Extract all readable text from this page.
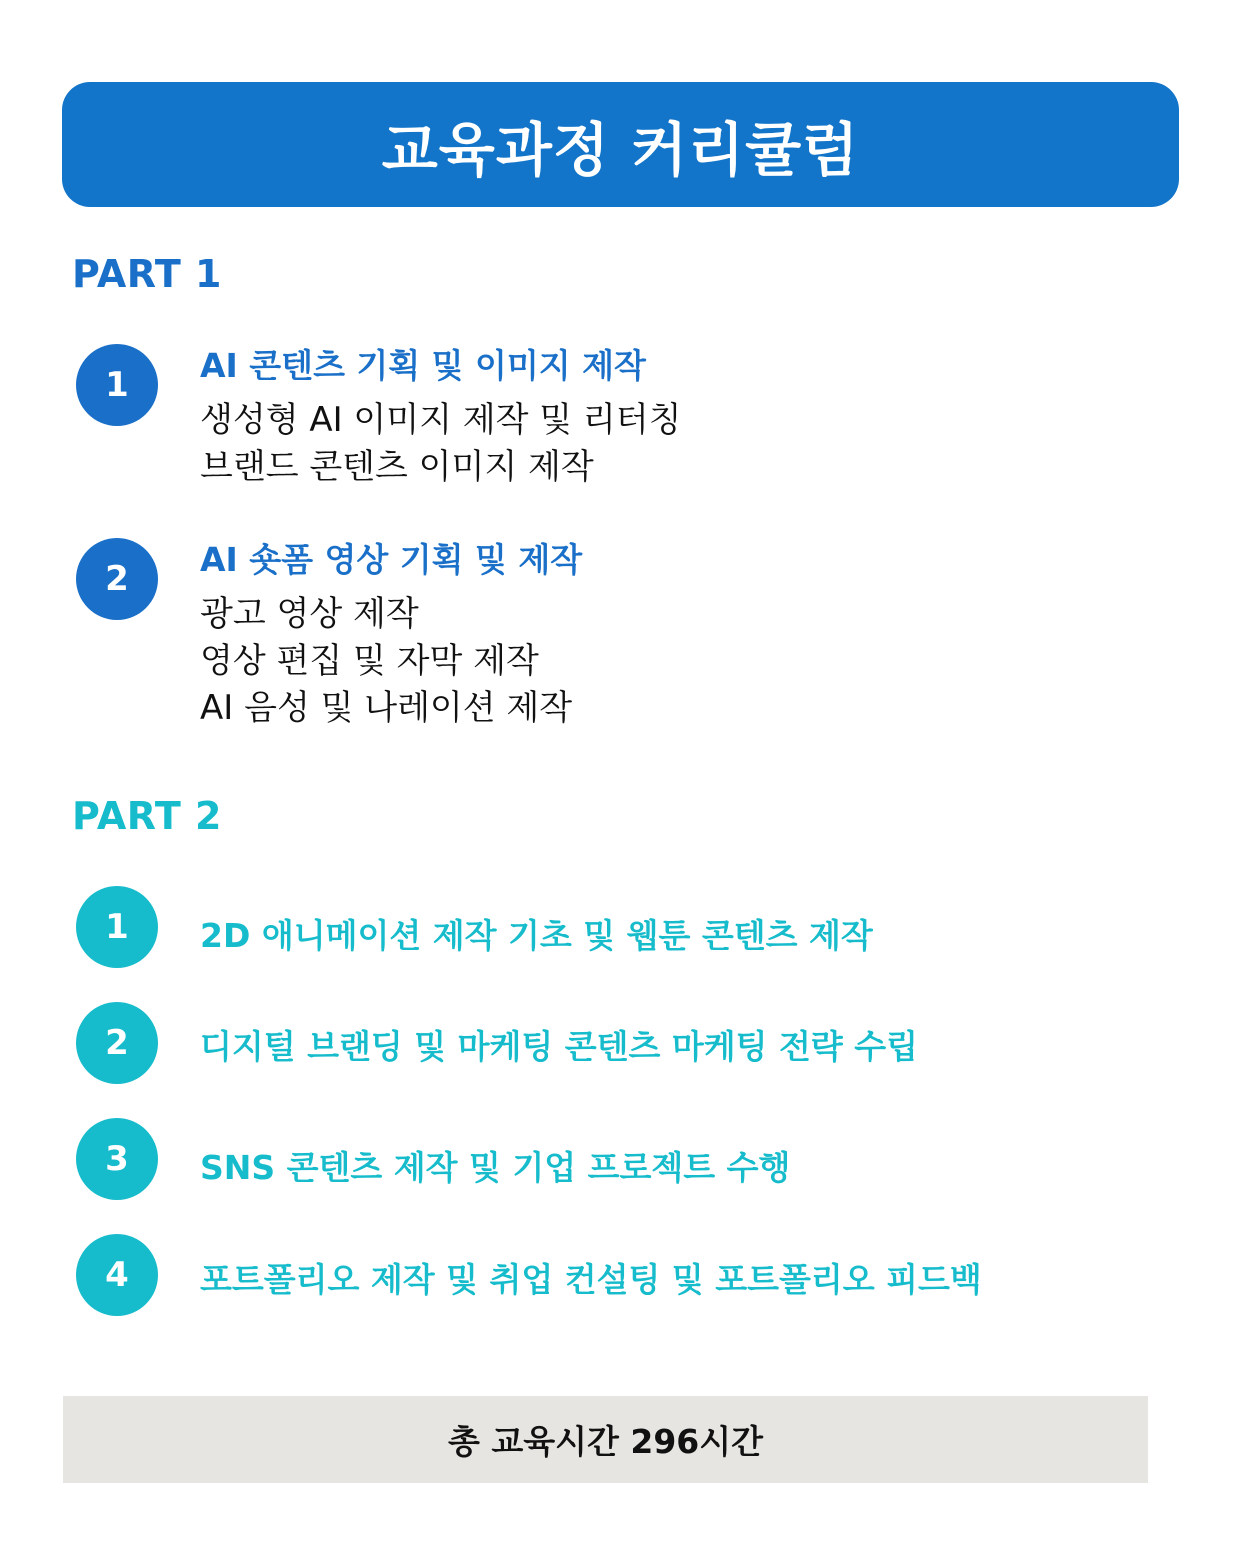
교육과정 커리큘럼
PART 1
1 AI 콘텐츠 기획 및 이미지 제작
생성형 AI 이미지 제작 및 리터칭
브랜드 콘텐츠 이미지 제작
2 AI 숏폼 영상 기획 및 제작
광고 영상 제작
영상 편집 및 자막 제작
AI 음성 및 나레이션 제작
PART 2
1 2D 애니메이션 제작 기초 및 웹툰 콘텐츠 제작
2 디지털 브랜딩 및 마케팅 콘텐츠 마케팅 전략 수립
3 SNS 콘텐츠 제작 및 기업 프로젝트 수행
4 포트폴리오 제작 및 취업 컨설팅 및 포트폴리오 피드백
총 교육시간 296시간
